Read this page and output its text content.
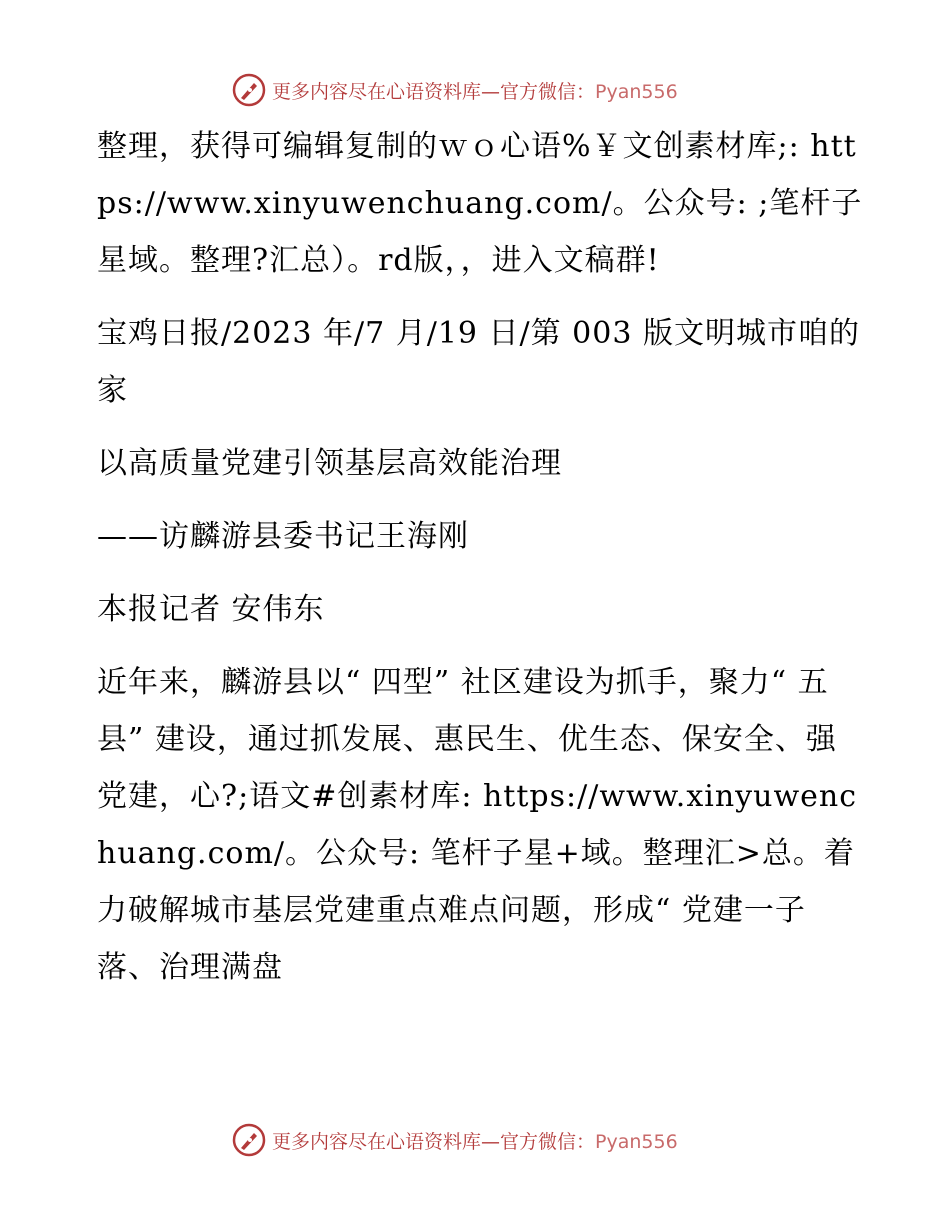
更多内容尽在心语资料库—官方微信：Pyan556

整理，获得可编辑复制的ｗｏ心语%￥文创素材库;: https://www.xinyuwenchuang.com/。公众号: ;笔杆子星域。整理?汇总）。rd版，，进入文稿群!

宝鸡日报/2023 年/7 月/19 日/第 003 版文明城市咱的家

以高质量党建引领基层高效能治理

——访麟游县委书记王海刚

本报记者 安伟东

近年来，麟游县以“ 四型” 社区建设为抓手，聚力“ 五县” 建设，通过抓发展、惠民生、优生态、保安全、强党建，心?;语文#创素材库: https://www.xinyuwenchuang.com/。公众号: 笔杆子星+域。整理汇>总。着力破解城市基层党建重点难点问题，形成“ 党建一子落、治理满盘

更多内容尽在心语资料库—官方微信：Pyan556
